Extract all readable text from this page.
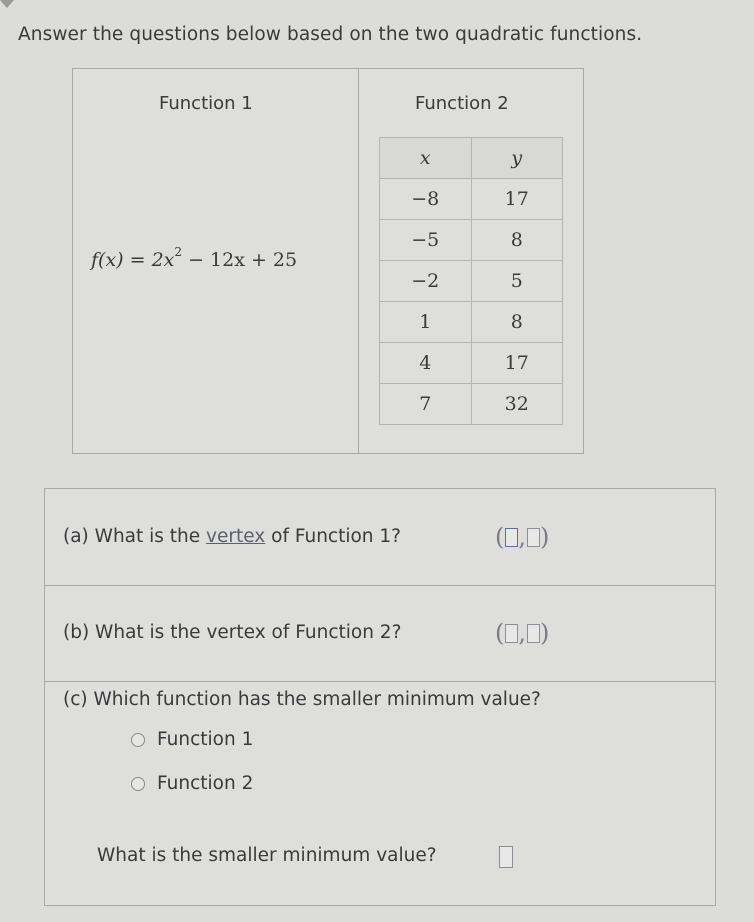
Answer the questions below based on the two quadratic functions.

Function 1	Function 2
$f(x) = 2x^2 - 12x + 25$
x	y
−8	17
−5	8
−2	5
1	8
4	17
7	32
(a) What is the vertex of Function 1?	( , )
(b) What is the vertex of Function 2?	( , )
(c) Which function has the smaller minimum value?
Function 1
Function 2
What is the smaller minimum value?
